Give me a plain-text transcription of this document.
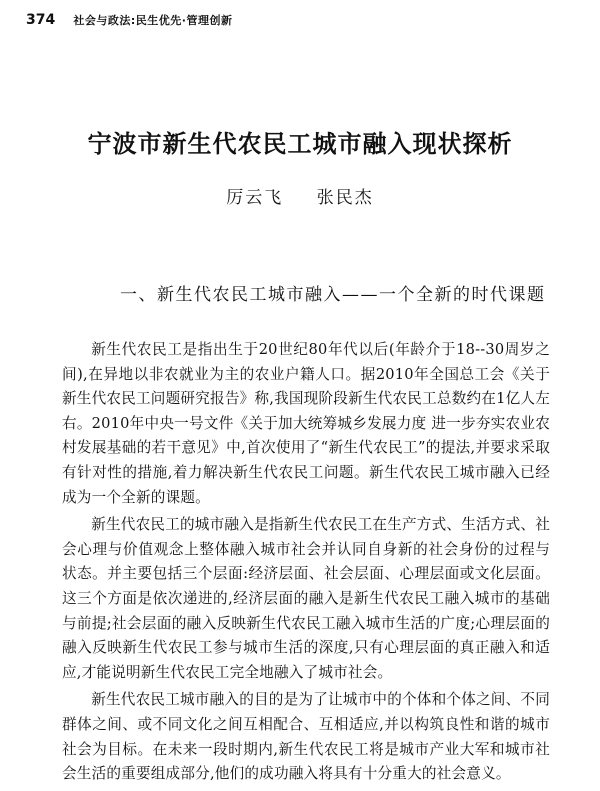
374 社会与政法:民生优先·管理创新
宁波市新生代农民工城市融入现状探析
厉云飞 张民杰
一、新生代农民工城市融入——一个全新的时代课题

新生代农民工是指出生于20世纪80年代以后(年龄介于18--30周岁之间),在异地以非农就业为主的农业户籍人口。据2010年全国总工会《关于新生代农民工问题研究报告》称,我国现阶段新生代农民工总数约在1亿人左右。2010年中央一号文件《关于加大统筹城乡发展力度 进一步夯实农业农村发展基础的若干意见》中,首次使用了“新生代农民工”的提法,并要求采取有针对性的措施,着力解决新生代农民工问题。新生代农民工城市融入已经成为一个全新的课题。

新生代农民工的城市融入是指新生代农民工在生产方式、生活方式、社会心理与价值观念上整体融入城市社会并认同自身新的社会身份的过程与状态。并主要包括三个层面:经济层面、社会层面、心理层面或文化层面。这三个方面是依次递进的,经济层面的融入是新生代农民工融入城市的基础与前提;社会层面的融入反映新生代农民工融入城市生活的广度;心理层面的融入反映新生代农民工参与城市生活的深度,只有心理层面的真正融入和适应,才能说明新生代农民工完全地融入了城市社会。

新生代农民工城市融入的目的是为了让城市中的个体和个体之间、不同群体之间、或不同文化之间互相配合、互相适应,并以构筑良性和谐的城市社会为目标。在未来一段时期内,新生代农民工将是城市产业大军和城市社会生活的重要组成部分,他们的成功融入将具有十分重大的社会意义。
